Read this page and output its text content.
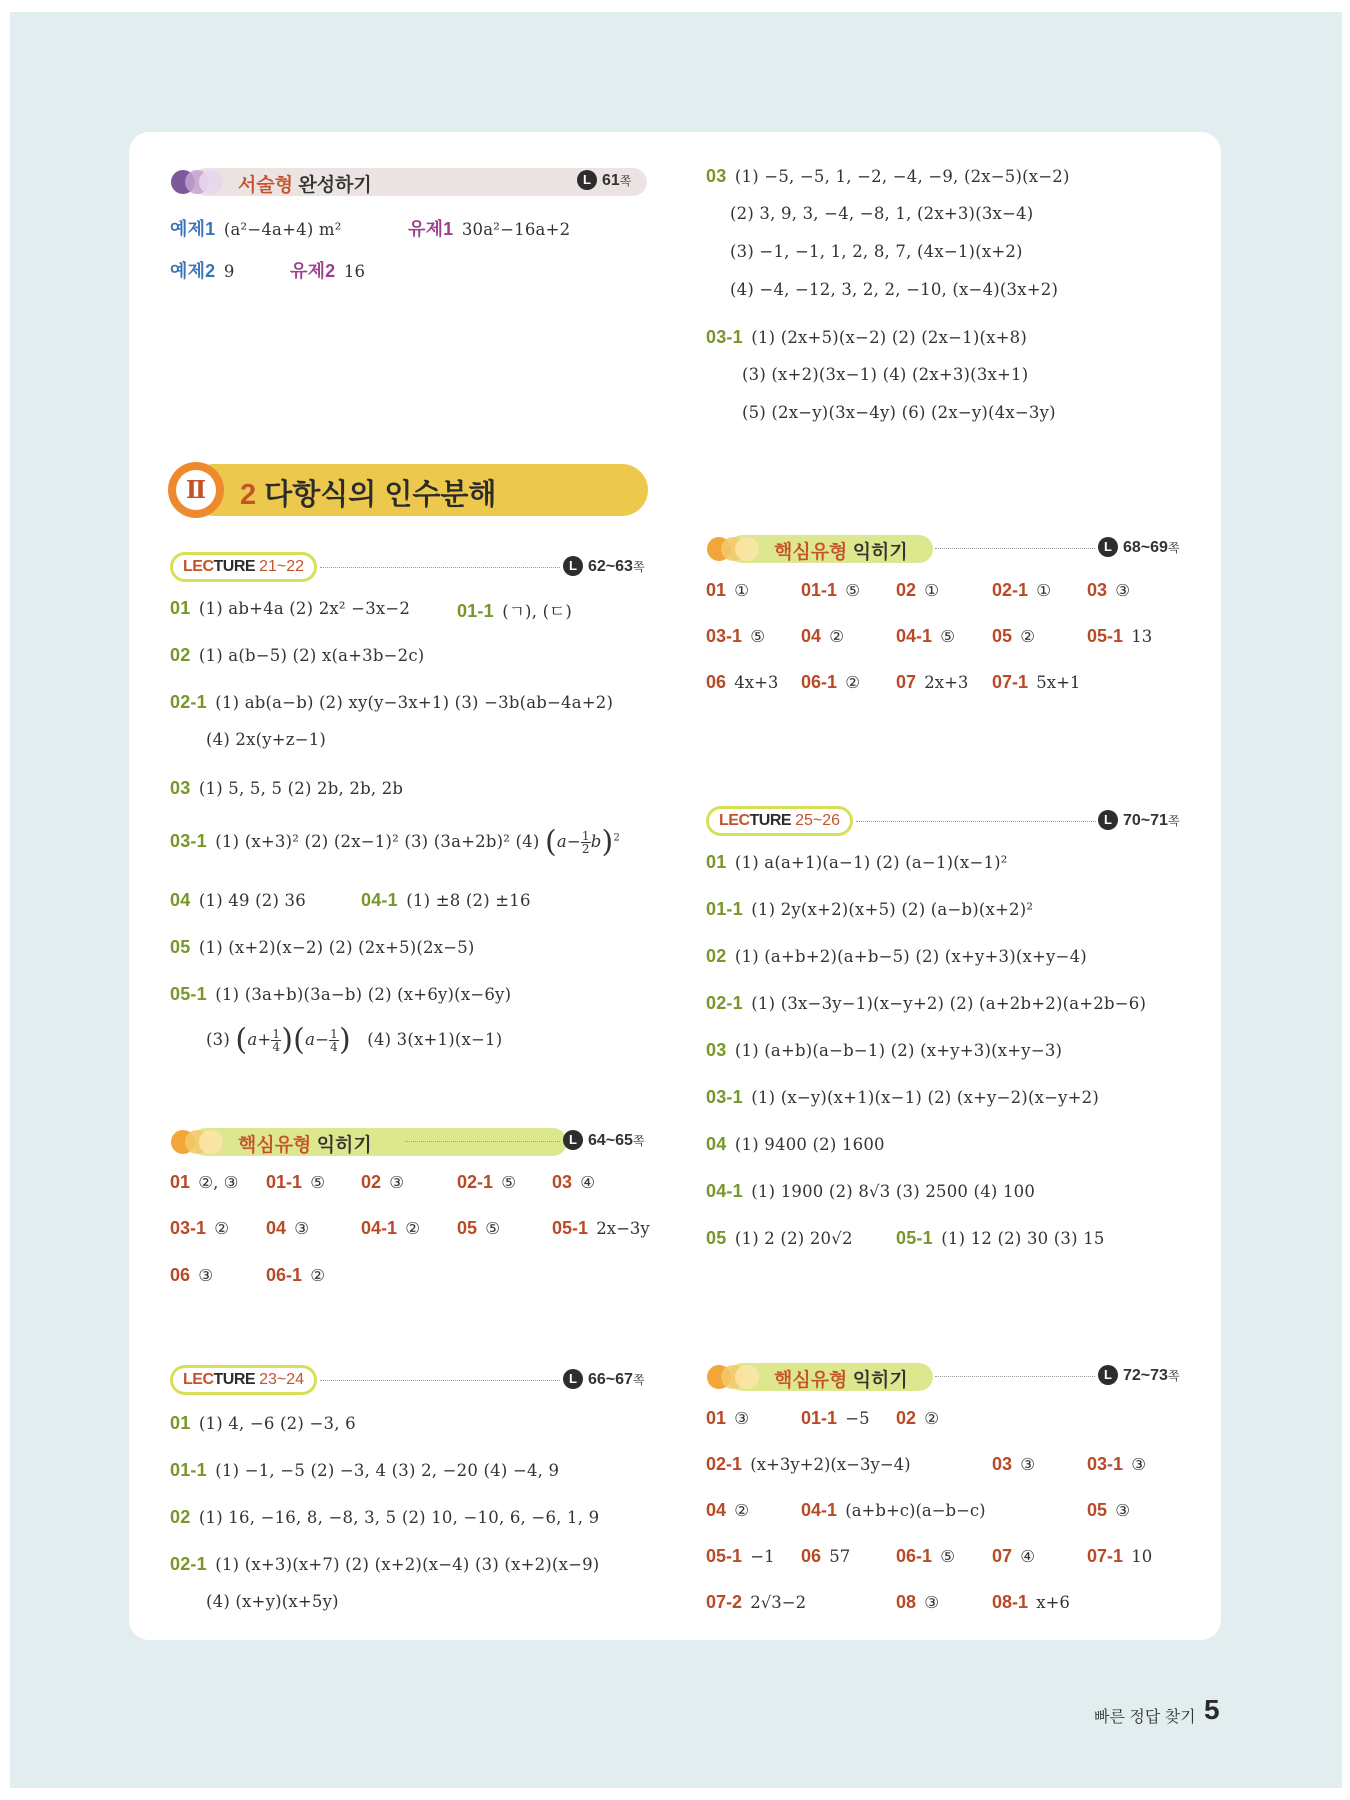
서술형 완성하기	L 61쪽
예제1 (a²−4a+4) m²	유제1 30a²−16a+2
예제2 9	유제2 16
Ⅱ	2 다항식의 인수분해
LECTURE 21~22	L 62~63쪽
01 (1) ab+4a (2) 2x² −3x−2	01-1 (ㄱ), (ㄷ)
02 (1) a(b−5) (2) x(a+3b−2c)
02-1 (1) ab(a−b) (2) xy(y−3x+1) (3) −3b(ab−4a+2)
(4) 2x(y+z−1)
03 (1) 5, 5, 5 (2) 2b, 2b, 2b
03-1 (1) (x+3)² (2) (2x−1)² (3) (3a+2b)² (4) $(a- \frac{1}{2} b)^2$
04 (1) 49 (2) 36	04-1 (1) ±8 (2) ±16
05 (1) (x+2)(x−2) (2) (2x+5)(2x−5)
05-1 (1) (3a+b)(3a−b) (2) (x+6y)(x−6y)
(3) $(a+ \frac{1}{4} )(a- \frac{1}{4}$ ) (4) 3(x+1)(x−1)
핵심유형 익히기	L 64~65쪽
01 ②, ③ 01-1 ⑤ 02 ③	02-1 ⑤ 03 ④
03-1 ② 04 ③	04-1 ② 05 ⑤	05-1 2x−3y
06 ③	06-1 ②
LECTURE 23~24	L 66~67쪽
01 (1) 4, −6 (2) −3, 6
01-1 (1) −1, −5 (2) −3, 4 (3) 2, −20 (4) −4, 9
02 (1) 16, −16, 8, −8, 3, 5 (2) 10, −10, 6, −6, 1, 9
02-1 (1) (x+3)(x+7) (2) (x+2)(x−4) (3) (x+2)(x−9)
(4) (x+y)(x+5y)
03 (1) −5, −5, 1, −2, −4, −9, (2x−5)(x−2)
(2) 3, 9, 3, −4, −8, 1, (2x+3)(3x−4)
(3) −1, −1, 1, 2, 8, 7, (4x−1)(x+2)
(4) −4, −12, 3, 2, 2, −10, (x−4)(3x+2)
03-1 (1) (2x+5)(x−2) (2) (2x−1)(x+8)
(3) (x+2)(3x−1) (4) (2x+3)(3x+1)
(5) (2x−y)(3x−4y) (6) (2x−y)(4x−3y)
핵심유형 익히기	L 68~69쪽
01 ①	01-1 ⑤ 02 ①	02-1 ① 03 ③
03-1 ⑤ 04 ②	04-1 ⑤ 05 ②	05-1 13
06 4x+3 06-1 ② 07 2x+3 07-1 5x+1
LECTURE 25~26	L 70~71쪽
01 (1) a(a+1)(a−1) (2) (a−1)(x−1)²
01-1 (1) 2y(x+2)(x+5) (2) (a−b)(x+2)²
02 (1) (a+b+2)(a+b−5) (2) (x+y+3)(x+y−4)
02-1 (1) (3x−3y−1)(x−y+2) (2) (a+2b+2)(a+2b−6)
03 (1) (a+b)(a−b−1) (2) (x+y+3)(x+y−3)
03-1 (1) (x−y)(x+1)(x−1) (2) (x+y−2)(x−y+2)
04 (1) 9400 (2) 1600
04-1 (1) 1900 (2) 8√3 (3) 2500 (4) 100
05 (1) 2 (2) 20√2 05-1 (1) 12 (2) 30 (3) 15
핵심유형 익히기	L 72~73쪽
01 ③	01-1 −5 02 ②
02-1 (x+3y+2)(x−3y−4)	03 ③	03-1 ③
04 ②	04-1 (a+b+c)(a−b−c)	05 ③
05-1 −1 06 57	06-1 ⑤ 07 ④	07-1 10
07-2 2√3−2	08 ③	08-1 x+6
빠른 정답 찾기 5
